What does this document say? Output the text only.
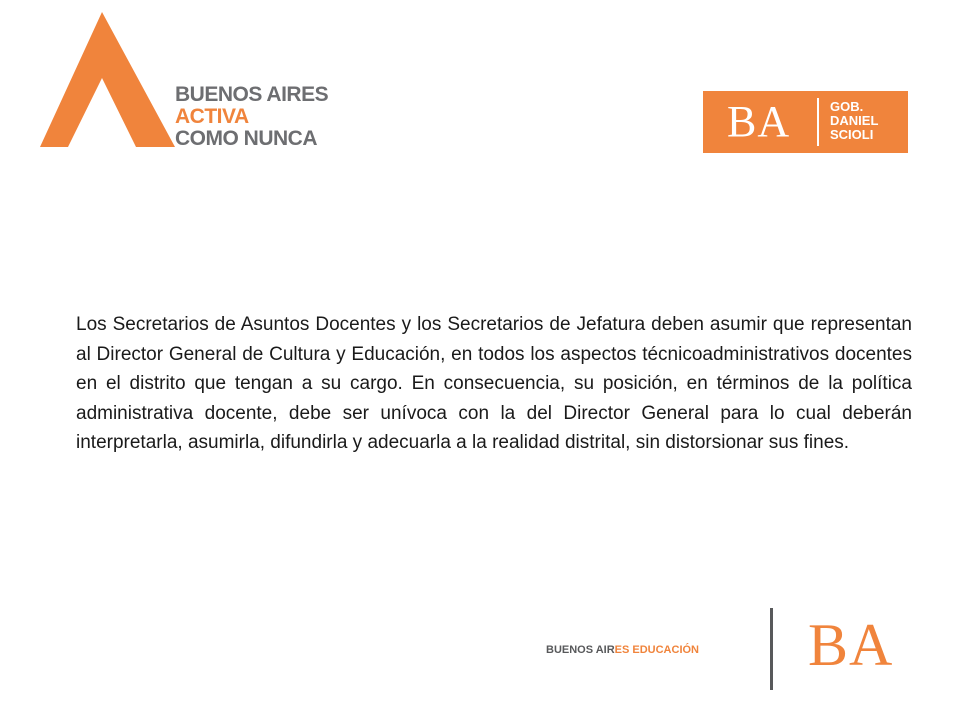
BUENOS AIRES
ACTIVA
COMO NUNCA	BA	GOB.
DANIEL
SCIOLI

Los Secretarios de Asuntos Docentes y los Secretarios de Jefatura deben asumir que representan al Director General de Cultura y Educación, en todos los aspectos técnicoadministrativos docentes en el distrito que tengan a su cargo. En consecuencia, su posición, en términos de la política administrativa docente, debe ser unívoca con la del Director General para lo cual deberán interpretarla, asumirla, difundirla y adecuarla a la realidad distrital, sin distorsionar sus fines.

BUENOS AIRES EDUCACIÓN BA
